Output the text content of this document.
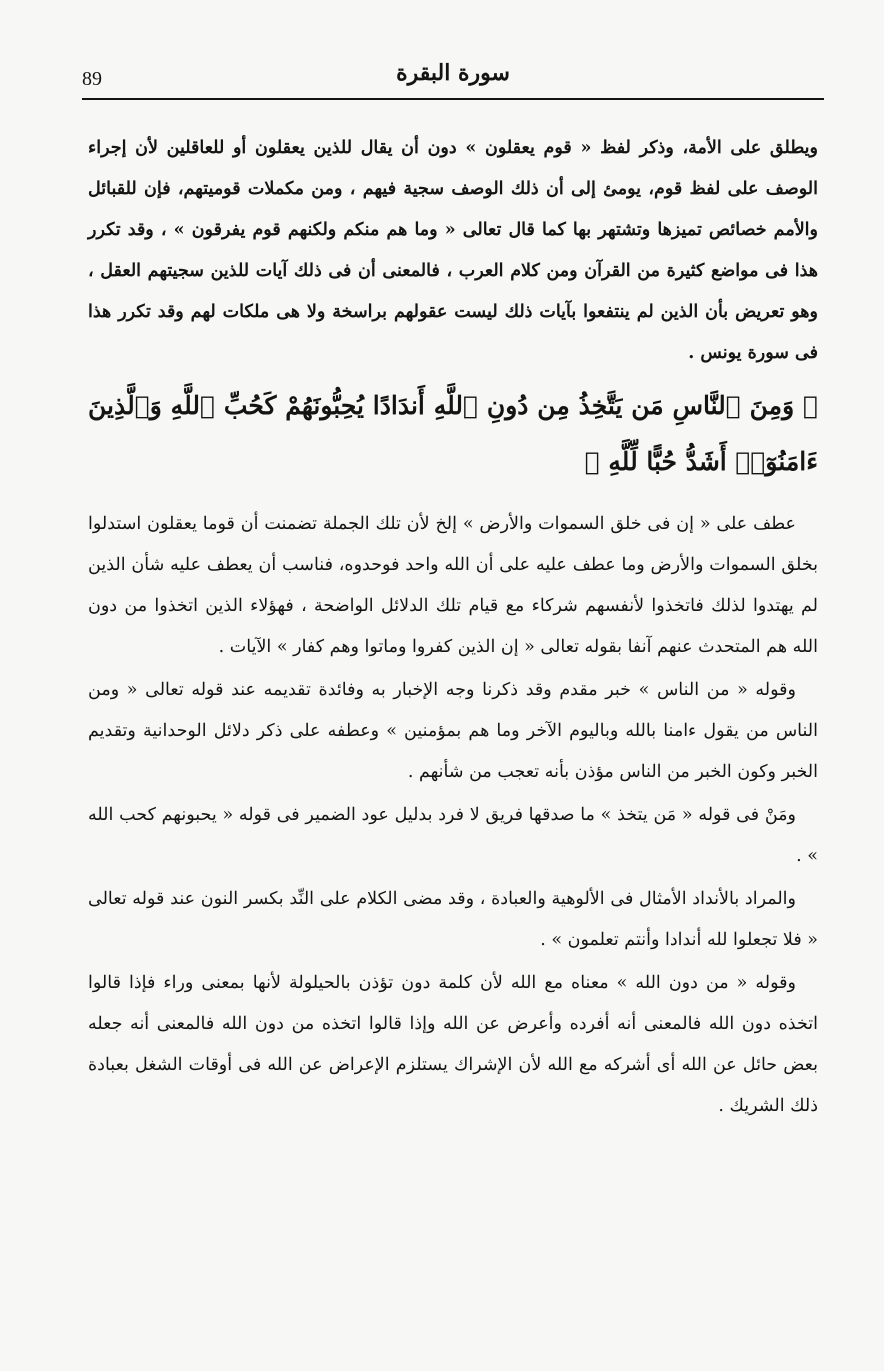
89	سورة البقرة

ويطلق على الأمة، وذكر لفظ « قوم يعقلون » دون أن يقال للذين يعقلون أو للعاقلين لأن إجراء الوصف على لفظ قوم، يومئ إلى أن ذلك الوصف سجية فيهم ، ومن مكملات قوميتهم، فإن للقبائل والأمم خصائص تميزها وتشتهر بها كما قال تعالى « وما هم منكم ولكنهم قوم يفرقون » ، وقد تكرر هذا فى مواضع كثيرة من القرآن ومن كلام العرب ، فالمعنى أن فى ذلك آيات للذين سجيتهم العقل ، وهو تعريض بأن الذين لم ينتفعوا بآيات ذلك ليست عقولهم براسخة ولا هى ملكات لهم وقد تكرر هذا فى سورة يونس .

﴿ وَمِنَ ٱلنَّاسِ مَن يَتَّخِذُ مِن دُونِ ٱللَّهِ أَندَادًا يُحِبُّونَهُمْ كَحُبِّ ٱللَّهِ وَٱلَّذِينَ ءَامَنُوٓا۟ أَشَدُّ حُبًّا لِّلَّهِ ﴾

عطف على « إن فى خلق السموات والأرض » إلخ لأن تلك الجملة تضمنت أن قوما يعقلون استدلوا بخلق السموات والأرض وما عطف عليه على أن الله واحد فوحدوه، فناسب أن يعطف عليه شأن الذين لم يهتدوا لذلك فاتخذوا لأنفسهم شركاء مع قيام تلك الدلائل الواضحة ، فهؤلاء الذين اتخذوا من دون الله هم المتحدث عنهم آنفا بقوله تعالى « إن الذين كفروا وماتوا وهم كفار » الآيات .

وقوله « من الناس » خبر مقدم وقد ذكرنا وجه الإخبار به وفائدة تقديمه عند قوله تعالى « ومن الناس من يقول ءامنا بالله وباليوم الآخر وما هم بمؤمنين » وعطفه على ذكر دلائل الوحدانية وتقديم الخبر وكون الخبر من الناس مؤذن بأنه تعجب من شأنهم .

ومَنْ فى قوله « مَن يتخذ » ما صدقها فريق لا فرد بدليل عود الضمير فى قوله « يحبونهم كحب الله » .

والمراد بالأنداد الأمثال فى الألوهية والعبادة ، وقد مضى الكلام على النِّد بكسر النون عند قوله تعالى « فلا تجعلوا لله أندادا وأنتم تعلمون » .

وقوله « من دون الله » معناه مع الله لأن كلمة دون تؤذن بالحيلولة لأنها بمعنى وراء فإذا قالوا اتخذه دون الله فالمعنى أنه أفرده وأعرض عن الله وإذا قالوا اتخذه من دون الله فالمعنى أنه جعله بعض حائل عن الله أى أشركه مع الله لأن الإشراك يستلزم الإعراض عن الله فى أوقات الشغل بعبادة ذلك الشريك .
